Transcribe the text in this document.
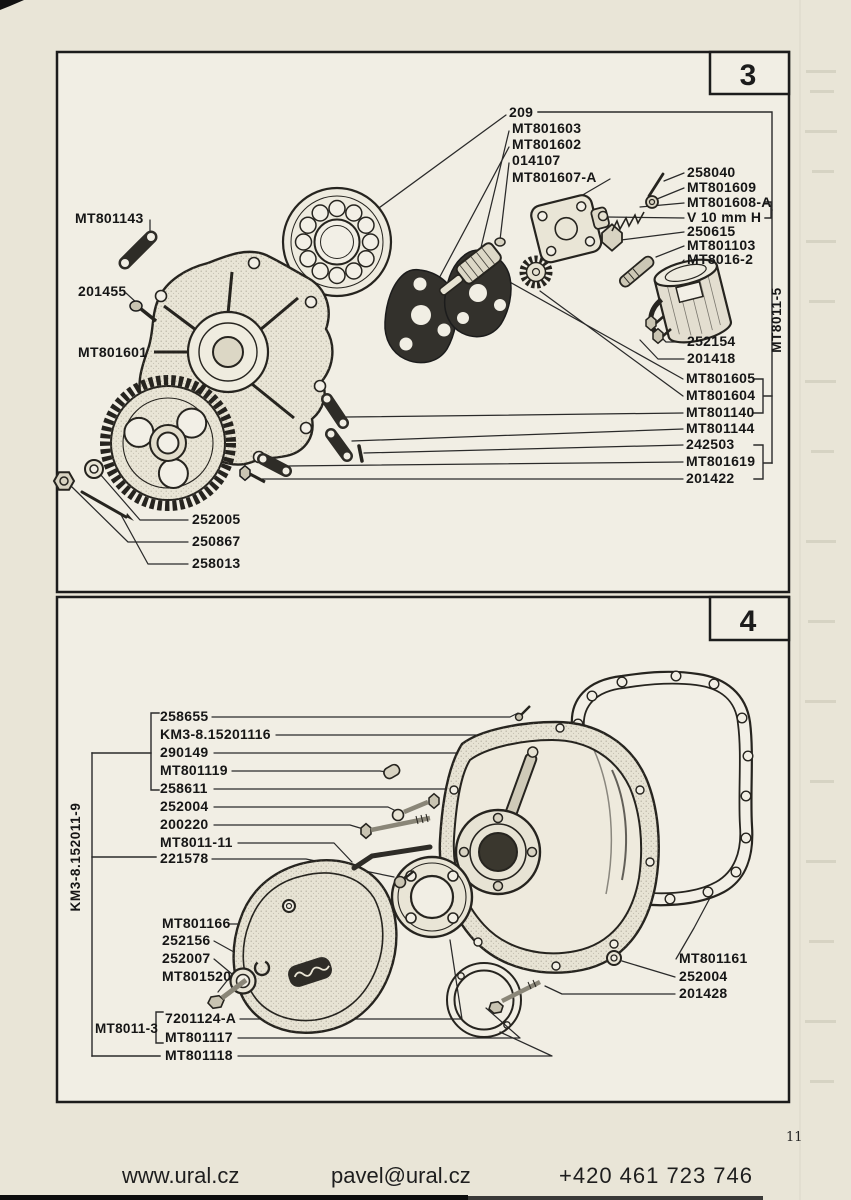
3
MT8011-5
209
MT801603
MT801602
014107
MT801607-A
MT801143
201455
MT801601
258040
MT801609
MT801608-A
V 10 mm H
250615
MT801103
MT8016-2
252154
201418
MT801605
MT801604
MT801140
MT801144
242503
MT801619
201422
252005
250867
258013
4
KM3-8.152011-9
258655
KM3-8.15201116
290149
MT801119
258611
252004
200220
MT8011-11
221578
MT801166
252156
252007
MT801520
7201124-A
MT8011-3
MT801117
MT801118
MT801161
252004
201428
11
www.ural.cz	pavel@ural.cz	+420 461 723 746
